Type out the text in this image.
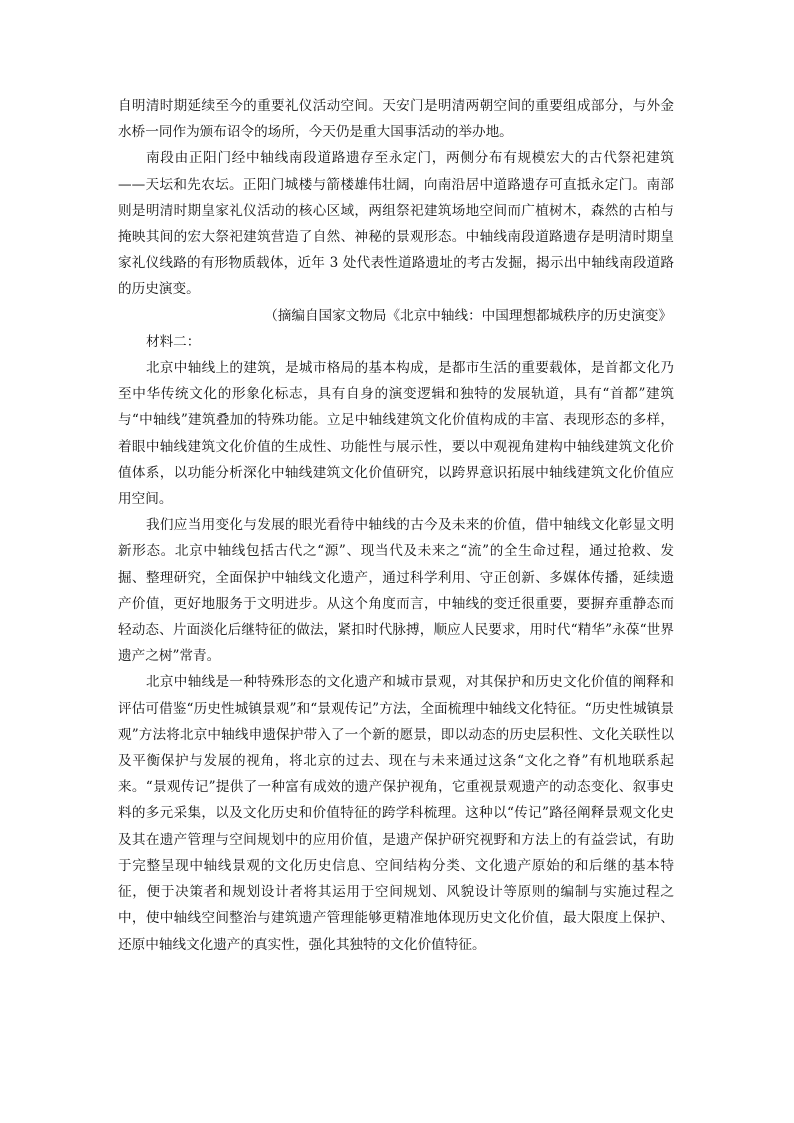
自明清时期延续至今的重要礼仪活动空间。天安门是明清两朝空间的重要组成部分，与外金水桥一同作为颁布诏令的场所，今天仍是重大国事活动的举办地。

南段由正阳门经中轴线南段道路遗存至永定门，两侧分布有规模宏大的古代祭祀建筑——天坛和先农坛。正阳门城楼与箭楼雄伟壮阔，向南沿居中道路遗存可直抵永定门。南部则是明清时期皇家礼仪活动的核心区域，两组祭祀建筑场地空间而广植树木，森然的古柏与掩映其间的宏大祭祀建筑营造了自然、神秘的景观形态。中轴线南段道路遗存是明清时期皇家礼仪线路的有形物质载体，近年 3 处代表性道路遗址的考古发掘，揭示出中轴线南段道路的历史演变。

（摘编自国家文物局《北京中轴线：中国理想都城秩序的历史演变》

材料二：

北京中轴线上的建筑，是城市格局的基本构成，是都市生活的重要载体，是首都文化乃至中华传统文化的形象化标志，具有自身的演变逻辑和独特的发展轨道，具有“首都”建筑与“中轴线”建筑叠加的特殊功能。立足中轴线建筑文化价值构成的丰富、表现形态的多样，着眼中轴线建筑文化价值的生成性、功能性与展示性，要以中观视角建构中轴线建筑文化价值体系，以功能分析深化中轴线建筑文化价值研究，以跨界意识拓展中轴线建筑文化价值应用空间。

我们应当用变化与发展的眼光看待中轴线的古今及未来的价值，借中轴线文化彰显文明新形态。北京中轴线包括古代之“源”、现当代及未来之“流”的全生命过程，通过抢救、发掘、整理研究，全面保护中轴线文化遗产，通过科学利用、守正创新、多媒体传播，延续遗产价值，更好地服务于文明进步。从这个角度而言，中轴线的变迁很重要，要摒弃重静态而轻动态、片面淡化后继特征的做法，紧扣时代脉搏，顺应人民要求，用时代“精华”永葆“世界遗产之树”常青。

北京中轴线是一种特殊形态的文化遗产和城市景观，对其保护和历史文化价值的阐释和评估可借鉴“历史性城镇景观”和“景观传记”方法，全面梳理中轴线文化特征。“历史性城镇景观”方法将北京中轴线申遗保护带入了一个新的愿景，即以动态的历史层积性、文化关联性以及平衡保护与发展的视角，将北京的过去、现在与未来通过这条“文化之脊”有机地联系起来。“景观传记”提供了一种富有成效的遗产保护视角，它重视景观遗产的动态变化、叙事史料的多元采集，以及文化历史和价值特征的跨学科梳理。这种以“传记”路径阐释景观文化史及其在遗产管理与空间规划中的应用价值，是遗产保护研究视野和方法上的有益尝试，有助于完整呈现中轴线景观的文化历史信息、空间结构分类、文化遗产原始的和后继的基本特征，便于决策者和规划设计者将其运用于空间规划、风貌设计等原则的编制与实施过程之中，使中轴线空间整治与建筑遗产管理能够更精准地体现历史文化价值，最大限度上保护、还原中轴线文化遗产的真实性，强化其独特的文化价值特征。
